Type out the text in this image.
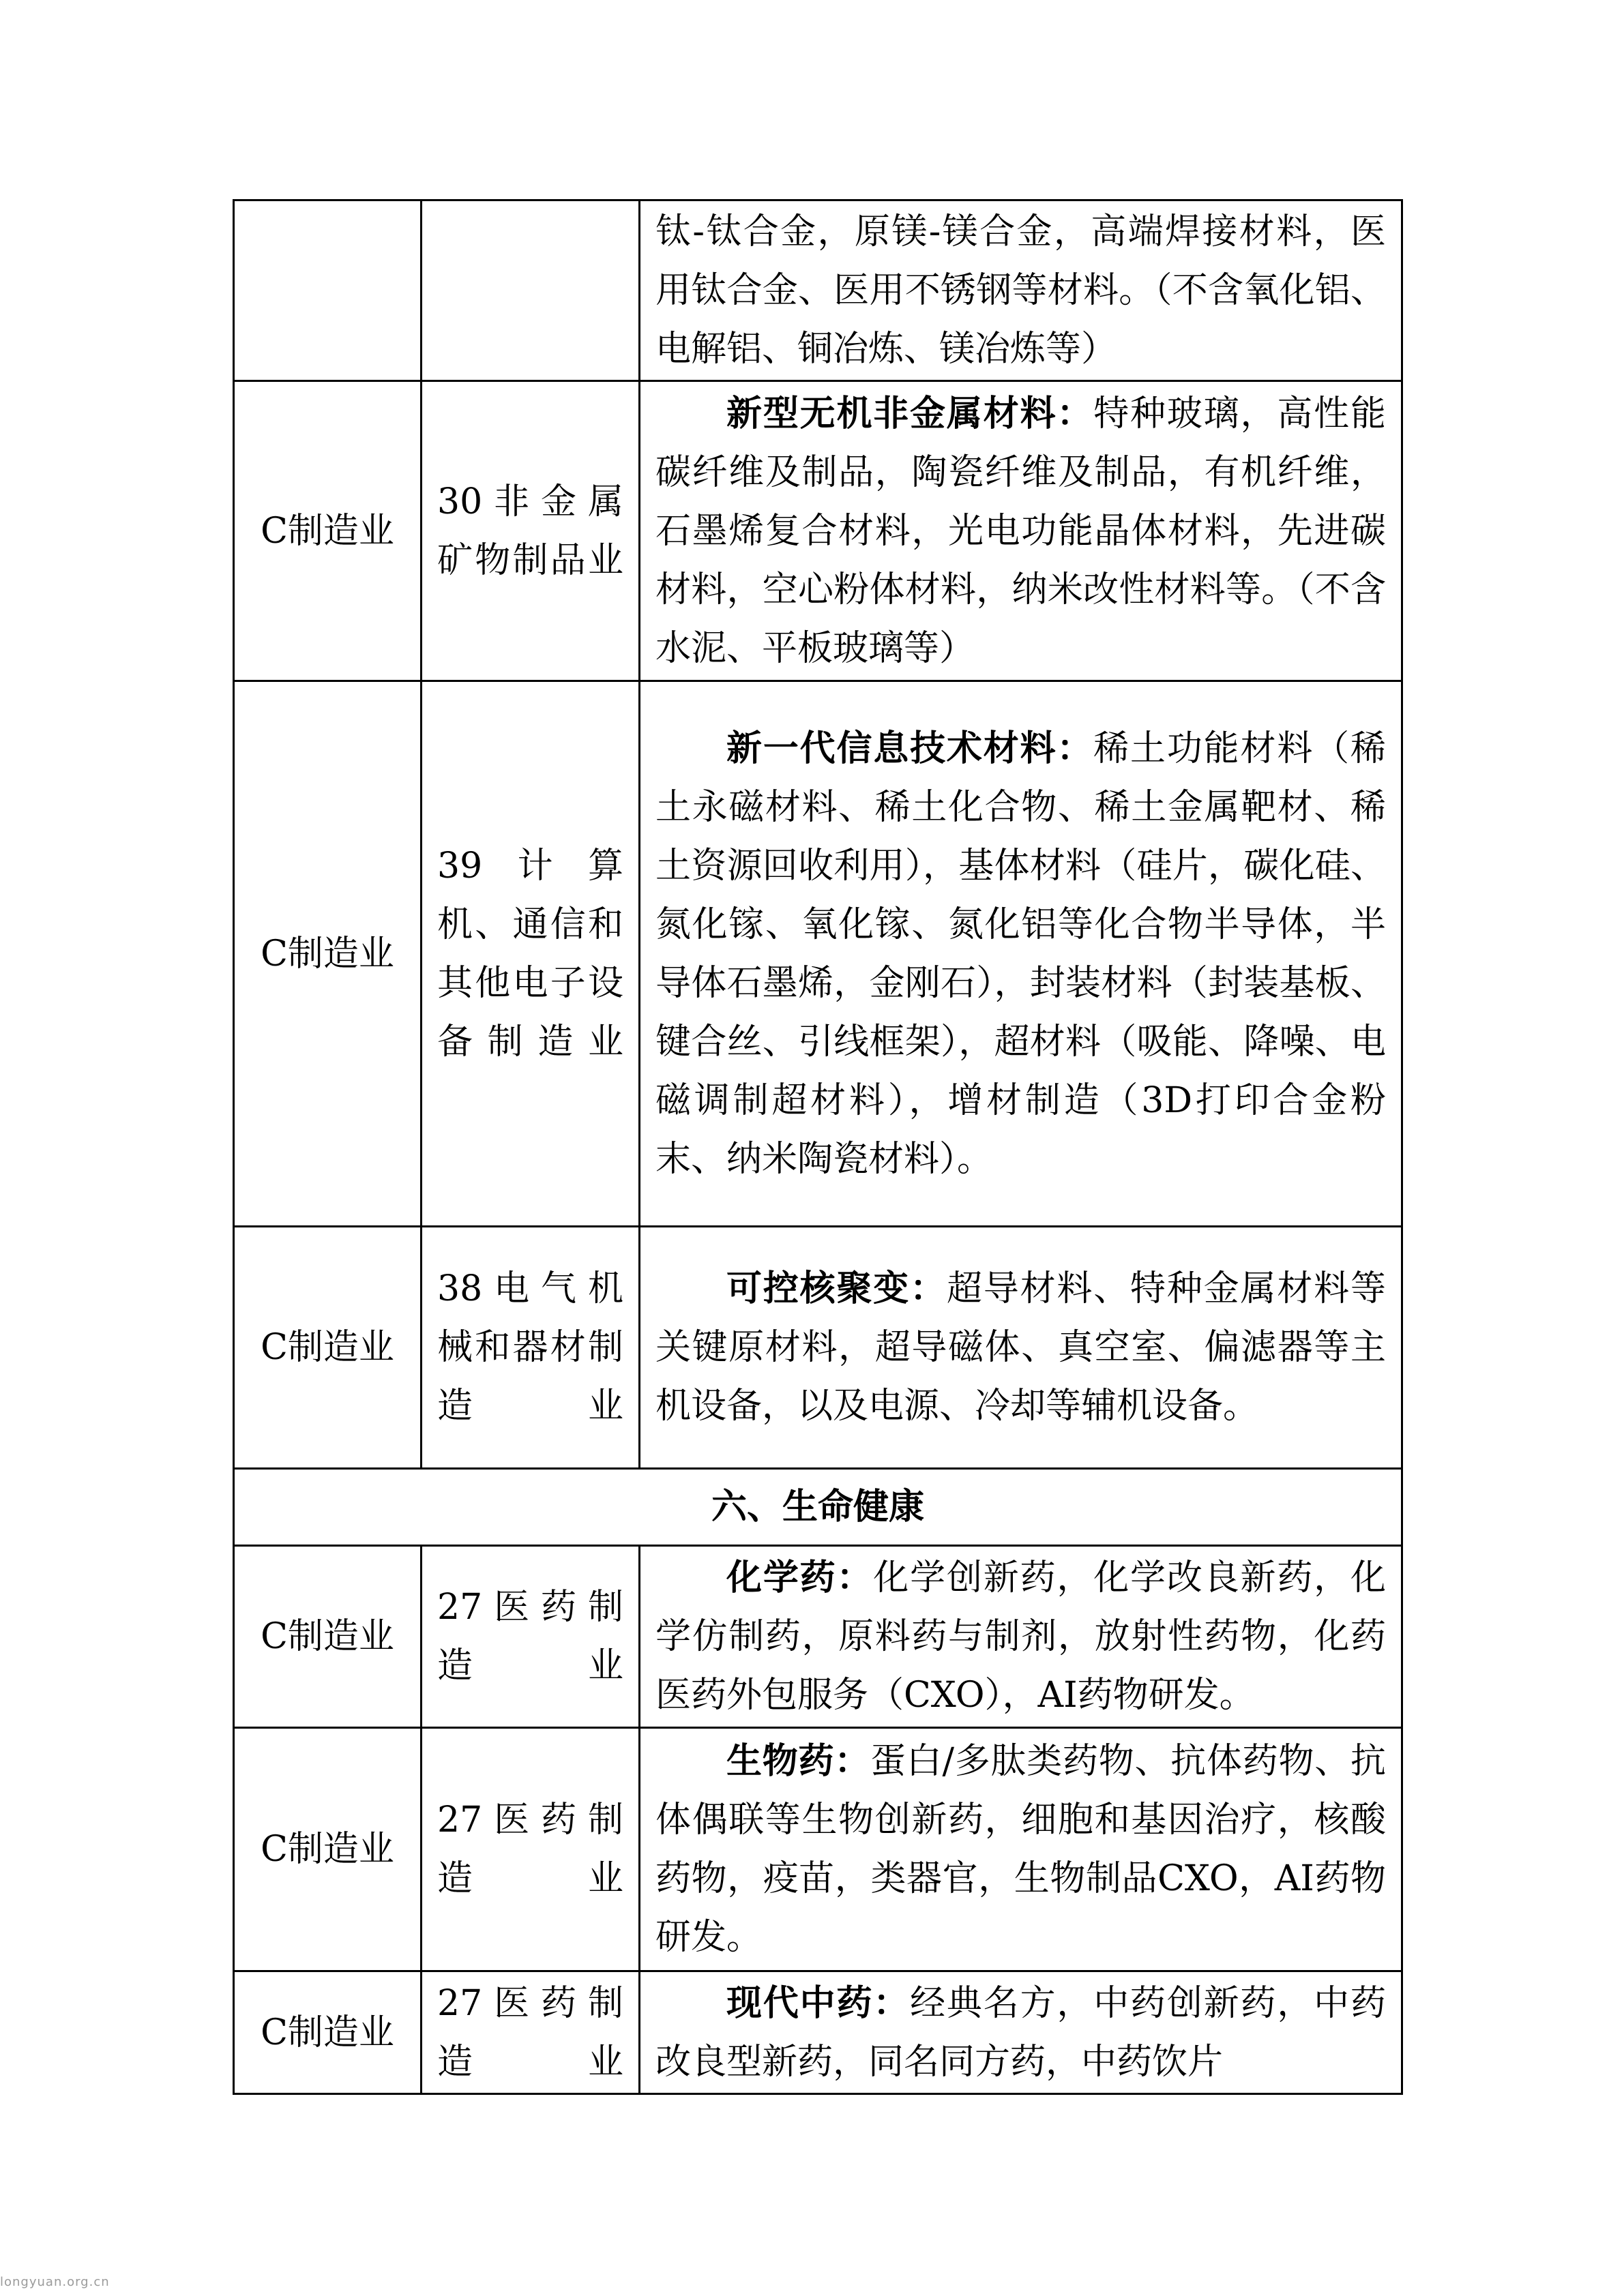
		钛-钛合金，原镁-镁合金，高端焊接材料，医用钛合金、医用不锈钢等材料。（不含氧化铝、电解铝、铜冶炼、镁冶炼等）
C制造业	30非金属矿物制品业	新型无机非金属材料：特种玻璃，高性能碳纤维及制品，陶瓷纤维及制品，有机纤维，石墨烯复合材料，光电功能晶体材料，先进碳材料，空心粉体材料，纳米改性材料等。（不含水泥、平板玻璃等）
C制造业	39计算机、通信和其他电子设备制造业	新一代信息技术材料：稀土功能材料（稀土永磁材料、稀土化合物、稀土金属靶材、稀土资源回收利用），基体材料（硅片，碳化硅、氮化镓、氧化镓、氮化铝等化合物半导体，半导体石墨烯，金刚石），封装材料（封装基板、键合丝、引线框架），超材料（吸能、降噪、电磁调制超材料），增材制造（3D打印合金粉末、纳米陶瓷材料）。
C制造业	38电气机械和器材制造业	可控核聚变：超导材料、特种金属材料等关键原材料，超导磁体、真空室、偏滤器等主机设备，以及电源、冷却等辅机设备。
六、生命健康		
C制造业	27医药制造业	化学药：化学创新药，化学改良新药，化学仿制药，原料药与制剂，放射性药物，化药医药外包服务（CXO），AI药物研发。
C制造业	27医药制造业	生物药：蛋白/多肽类药物、抗体药物、抗体偶联等生物创新药，细胞和基因治疗，核酸药物，疫苗，类器官，生物制品CXO，AI药物研发。
C制造业	27医药制造业	现代中药：经典名方，中药创新药，中药改良型新药，同名同方药，中药饮片
longyuan.org.cn
